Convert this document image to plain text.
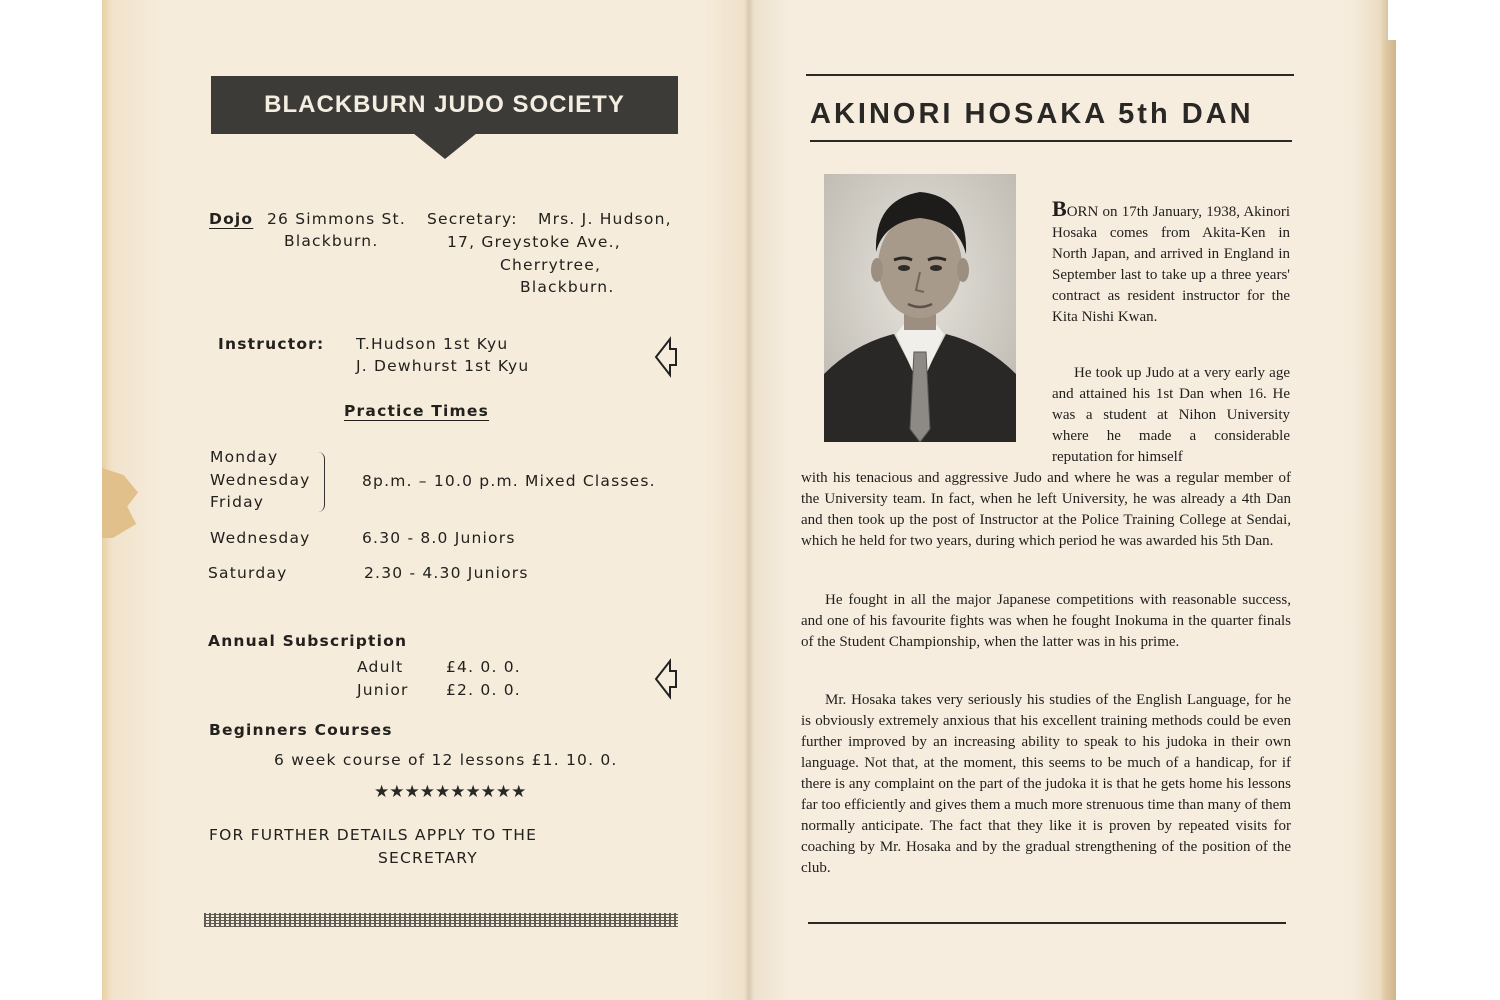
BLACKBURN JUDO SOCIETY
Dojo 26 Simmons St.
Blackburn.
Secretary: Mrs. J. Hudson,
17, Greystoke Ave.,
Cherrytree,
Blackburn.
Instructor: T.Hudson 1st Kyu
J. Dewhurst 1st Kyu
Practice Times
Monday
Wednesday
Friday
8p.m. – 10.0 p.m. Mixed Classes.
Wednesday	6.30 - 8.0 Juniors
Saturday	2.30 - 4.30 Juniors
Annual Subscription
Adult	£4. 0. 0.
Junior £2. 0. 0.
Beginners Courses
6 week course of 12 lessons £1. 10. 0.
★★★★★★★★★★
FOR FURTHER DETAILS APPLY TO THE
SECRETARY
AKINORI HOSAKA 5th DAN

BORN on 17th January, 1938, Akinori Hosaka comes from Akita-Ken in North Japan, and arrived in England in September last to take up a three years' contract as resident instructor for the Kita Nishi Kwan.

He took up Judo at a very early age and attained his 1st Dan when 16. He was a student at Nihon University where he made a considerable reputation for himself

with his tenacious and aggressive Judo and where he was a regular member of the University team. In fact, when he left University, he was already a 4th Dan and then took up the post of Instructor at the Police Training College at Sendai, which he held for two years, during which period he was awarded his 5th Dan.

He fought in all the major Japanese competitions with reasonable success, and one of his favourite fights was when he fought Inokuma in the quarter finals of the Student Championship, when the latter was in his prime.

Mr. Hosaka takes very seriously his studies of the English Language, for he is obviously extremely anxious that his excellent training methods could be even further improved by an increasing ability to speak to his judoka in their own language. Not that, at the moment, this seems to be much of a handicap, for if there is any complaint on the part of the judoka it is that he gets home his lessons far too efficiently and gives them a much more strenuous time than many of them normally anticipate. The fact that they like it is proven by repeated visits for coaching by Mr. Hosaka and by the gradual strengthening of the position of the club.
